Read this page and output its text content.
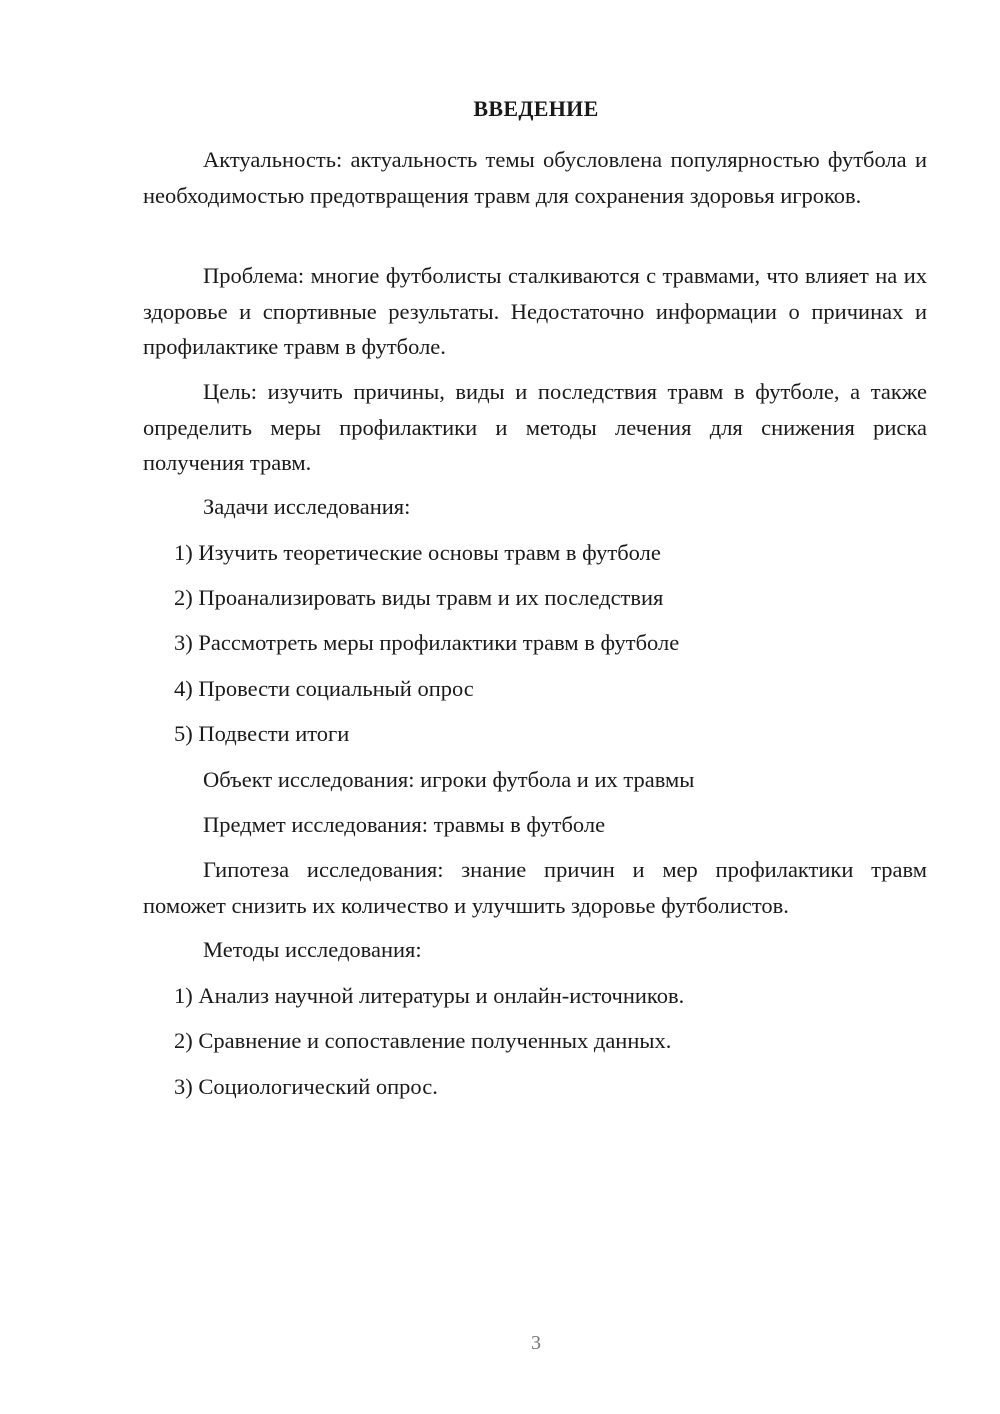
ВВЕДЕНИЕ

Актуальность: актуальность темы обусловлена популярностью футбола и необходимостью предотвращения травм для сохранения здоровья игроков.

Проблема: многие футболисты сталкиваются с травмами, что влияет на их здоровье и спортивные результаты. Недостаточно информации о причинах и профилактике травм в футболе.

Цель: изучить причины, виды и последствия травм в футболе, а также определить меры профилактики и методы лечения для снижения риска получения травм.

Задачи исследования:
1) Изучить теоретические основы травм в футболе
2) Проанализировать виды травм и их последствия
3) Рассмотреть меры профилактики травм в футболе
4) Провести социальный опрос
5) Подвести итоги
Объект исследования: игроки футбола и их травмы
Предмет исследования: травмы в футболе

Гипотеза исследования: знание причин и мер профилактики травм поможет снизить их количество и улучшить здоровье футболистов.

Методы исследования:
1) Анализ научной литературы и онлайн-источников.
2) Сравнение и сопоставление полученных данных.
3) Социологический опрос.
3
